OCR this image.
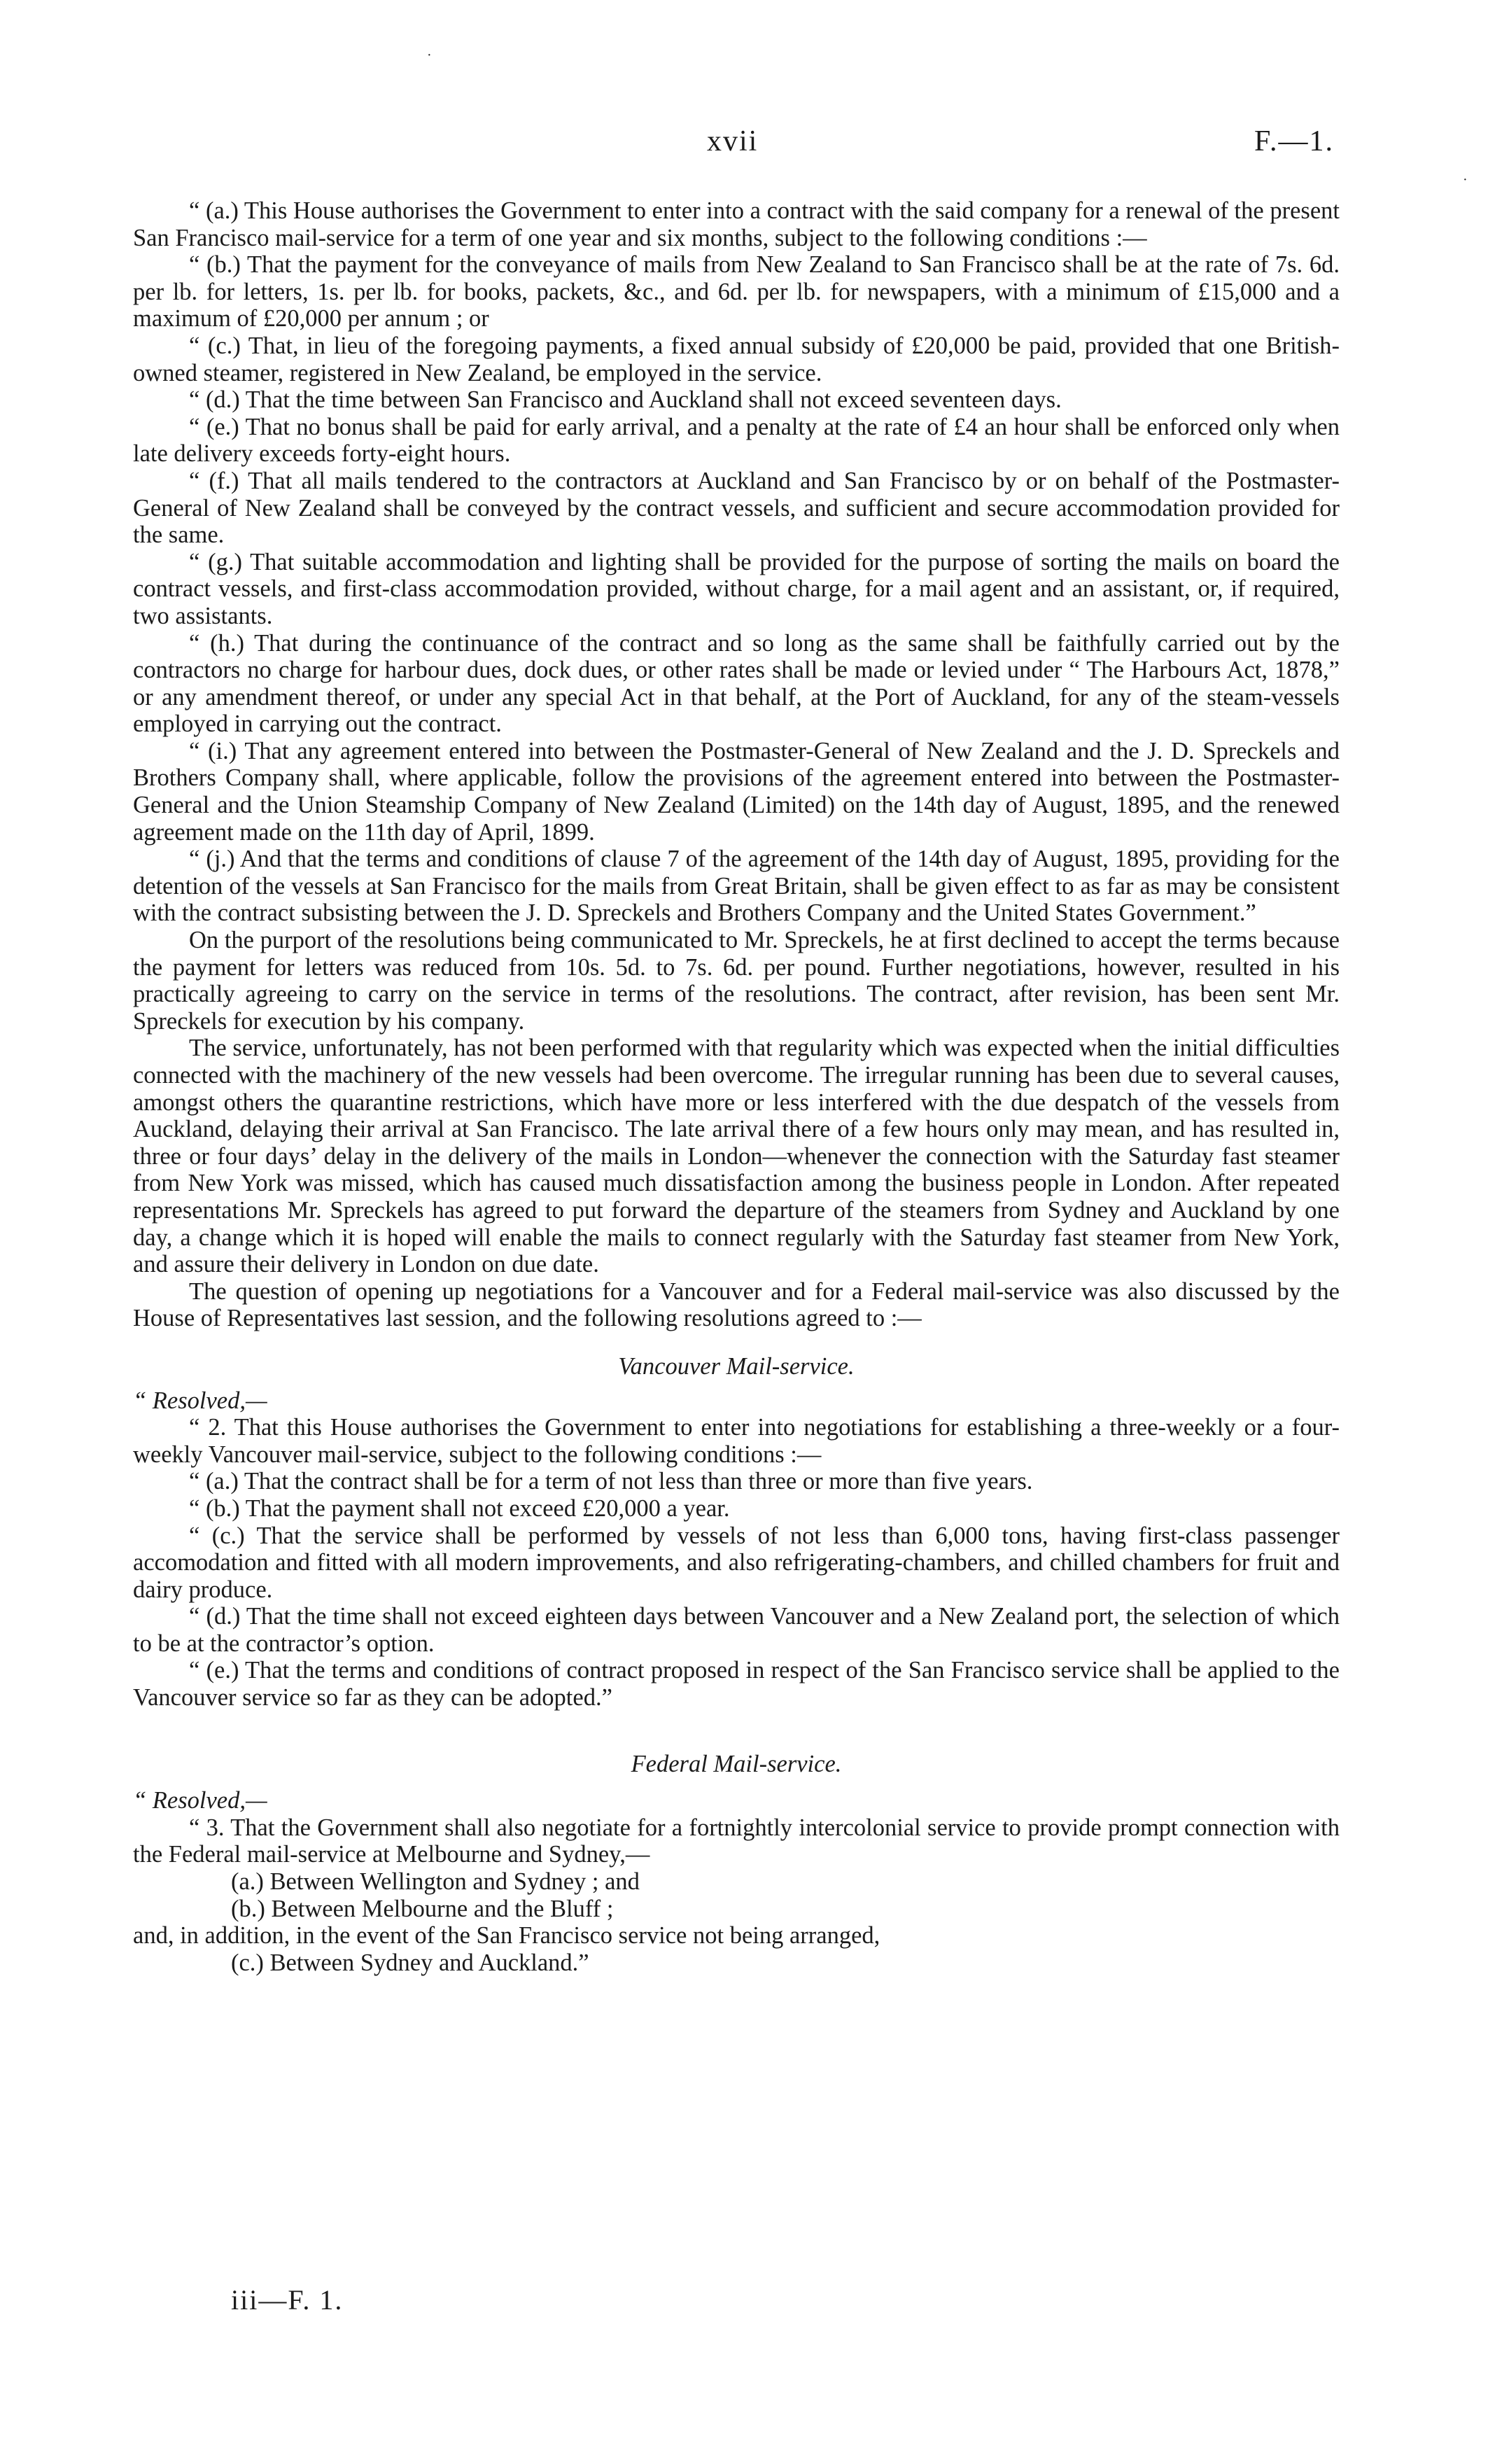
·
·
xvii	F.—1.

“ (a.) This House authorises the Government to enter into a contract with the said company for a renewal of the present San Francisco mail-service for a term of one year and six months, subject to the following conditions :—

“ (b.) That the payment for the conveyance of mails from New Zealand to San Francisco shall be at the rate of 7s. 6d. per lb. for letters, 1s. per lb. for books, packets, &c., and 6d. per lb. for newspapers, with a minimum of £15,000 and a maximum of £20,000 per annum ; or

“ (c.) That, in lieu of the foregoing payments, a fixed annual subsidy of £20,000 be paid, provided that one British-owned steamer, registered in New Zealand, be employed in the service.

“ (d.) That the time between San Francisco and Auckland shall not exceed seventeen days.

“ (e.) That no bonus shall be paid for early arrival, and a penalty at the rate of £4 an hour shall be enforced only when late delivery exceeds forty-eight hours.

“ (f.) That all mails tendered to the contractors at Auckland and San Francisco by or on behalf of the Postmaster-General of New Zealand shall be conveyed by the contract vessels, and sufficient and secure accommodation provided for the same.

“ (g.) That suitable accommodation and lighting shall be provided for the purpose of sorting the mails on board the contract vessels, and first-class accommodation provided, without charge, for a mail agent and an assistant, or, if required, two assistants.

“ (h.) That during the continuance of the contract and so long as the same shall be faithfully carried out by the contractors no charge for harbour dues, dock dues, or other rates shall be made or levied under “ The Harbours Act, 1878,” or any amendment thereof, or under any special Act in that behalf, at the Port of Auckland, for any of the steam-vessels employed in carrying out the contract.

“ (i.) That any agreement entered into between the Postmaster-General of New Zealand and the J. D. Spreckels and Brothers Company shall, where applicable, follow the provisions of the agreement entered into between the Postmaster-General and the Union Steamship Company of New Zealand (Limited) on the 14th day of August, 1895, and the renewed agreement made on the 11th day of April, 1899.

“ (j.) And that the terms and conditions of clause 7 of the agreement of the 14th day of August, 1895, providing for the detention of the vessels at San Francisco for the mails from Great Britain, shall be given effect to as far as may be consistent with the contract subsisting between the J. D. Spreckels and Brothers Company and the United States Government.”

On the purport of the resolutions being communicated to Mr. Spreckels, he at first declined to accept the terms because the payment for letters was reduced from 10s. 5d. to 7s. 6d. per pound. Further negotiations, however, resulted in his practically agreeing to carry on the service in terms of the resolutions. The contract, after revision, has been sent Mr. Spreckels for execution by his company.

The service, unfortunately, has not been performed with that regularity which was expected when the initial difficulties connected with the machinery of the new vessels had been overcome. The irregular running has been due to several causes, amongst others the quarantine restrictions, which have more or less interfered with the due despatch of the vessels from Auckland, delaying their arrival at San Francisco. The late arrival there of a few hours only may mean, and has resulted in, three or four days’ delay in the delivery of the mails in London—whenever the connection with the Saturday fast steamer from New York was missed, which has caused much dissatisfaction among the business people in London. After repeated representations Mr. Spreckels has agreed to put forward the departure of the steamers from Sydney and Auckland by one day, a change which it is hoped will enable the mails to connect regularly with the Saturday fast steamer from New York, and assure their delivery in London on due date.

The question of opening up negotiations for a Vancouver and for a Federal mail-service was also discussed by the House of Representatives last session, and the following resolutions agreed to :—

Vancouver Mail-service.

“ Resolved,—

“ 2. That this House authorises the Government to enter into negotiations for establishing a three-weekly or a four-weekly Vancouver mail-service, subject to the following conditions :—

“ (a.) That the contract shall be for a term of not less than three or more than five years.

“ (b.) That the payment shall not exceed £20,000 a year.

“ (c.) That the service shall be performed by vessels of not less than 6,000 tons, having first-class passenger accomodation and fitted with all modern improvements, and also refrigerating-chambers, and chilled chambers for fruit and dairy produce.

“ (d.) That the time shall not exceed eighteen days between Vancouver and a New Zealand port, the selection of which to be at the contractor’s option.

“ (e.) That the terms and conditions of contract proposed in respect of the San Francisco service shall be applied to the Vancouver service so far as they can be adopted.”

Federal Mail-service.

“ Resolved,—

“ 3. That the Government shall also negotiate for a fortnightly intercolonial service to provide prompt connection with the Federal mail-service at Melbourne and Sydney,—

(a.) Between Wellington and Sydney ; and

(b.) Between Melbourne and the Bluff ;

and, in addition, in the event of the San Francisco service not being arranged,

(c.) Between Sydney and Auckland.”

iii—F. 1.
